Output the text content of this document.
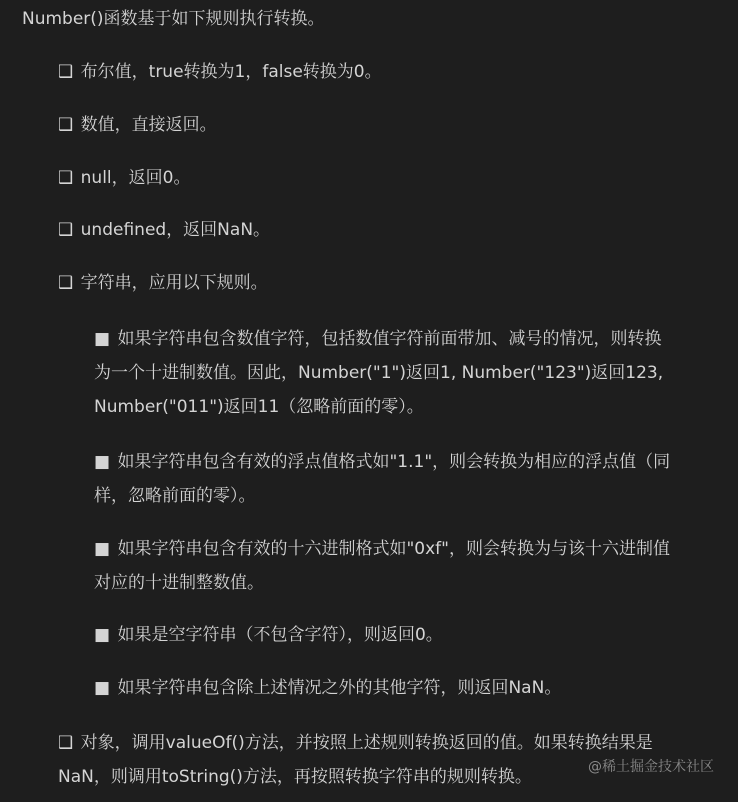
Number()函数基于如下规则执行转换。
❑ 布尔值，true转换为1，false转换为0。
❑ 数值，直接返回。
❑ null，返回0。
❑ undefined，返回NaN。
❑ 字符串，应用以下规则。
■ 如果字符串包含数值字符，包括数值字符前面带加、减号的情况，则转换为一个十进制数值。因此，Number("1")返回1, Number("123")返回123, Number("011")返回11（忽略前面的零）。
■ 如果字符串包含有效的浮点值格式如"1.1"，则会转换为相应的浮点值（同样，忽略前面的零）。
■ 如果字符串包含有效的十六进制格式如"0xf"，则会转换为与该十六进制值对应的十进制整数值。
■ 如果是空字符串（不包含字符），则返回0。
■ 如果字符串包含除上述情况之外的其他字符，则返回NaN。
❑ 对象，调用valueOf()方法，并按照上述规则转换返回的值。如果转换结果是NaN，则调用toString()方法，再按照转换字符串的规则转换。	@稀土掘金技术社区
